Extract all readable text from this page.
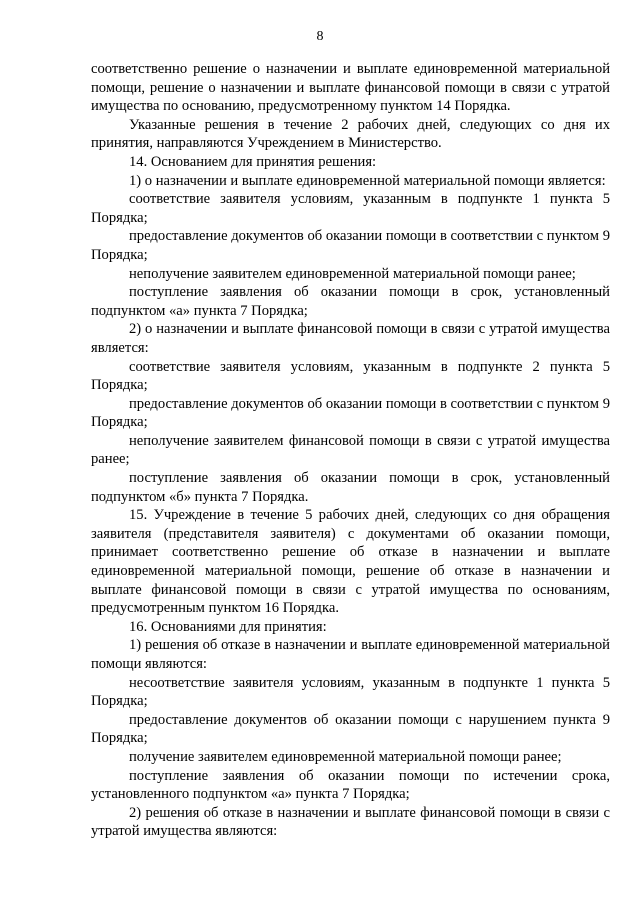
8

соответственно решение о назначении и выплате единовременной материальной помощи, решение о назначении и выплате финансовой помощи в связи с утратой имущества по основанию, предусмотренному пунктом 14 Порядка.

Указанные решения в течение 2 рабочих дней, следующих со дня их принятия, направляются Учреждением в Министерство.

14. Основанием для принятия решения:

1) о назначении и выплате единовременной материальной помощи является:

соответствие заявителя условиям, указанным в подпункте 1 пункта 5 Порядка;

предоставление документов об оказании помощи в соответствии с пунктом 9 Порядка;

неполучение заявителем единовременной материальной помощи ранее;

поступление заявления об оказании помощи в срок, установленный подпунктом «а» пункта 7 Порядка;

2) о назначении и выплате финансовой помощи в связи с утратой имущества является:

соответствие заявителя условиям, указанным в подпункте 2 пункта 5 Порядка;

предоставление документов об оказании помощи в соответствии с пунктом 9 Порядка;

неполучение заявителем финансовой помощи в связи с утратой имущества ранее;

поступление заявления об оказании помощи в срок, установленный подпунктом «б» пункта 7 Порядка.

15. Учреждение в течение 5 рабочих дней, следующих со дня обращения заявителя (представителя заявителя) с документами об оказании помощи, принимает соответственно решение об отказе в назначении и выплате единовременной материальной помощи, решение об отказе в назначении и выплате финансовой помощи в связи с утратой имущества по основаниям, предусмотренным пунктом 16 Порядка.

16. Основаниями для принятия:

1) решения об отказе в назначении и выплате единовременной материальной помощи являются:

несоответствие заявителя условиям, указанным в подпункте 1 пункта 5 Порядка;

предоставление документов об оказании помощи с нарушением пункта 9 Порядка;

получение заявителем единовременной материальной помощи ранее;

поступление заявления об оказании помощи по истечении срока, установленного подпунктом «а» пункта 7 Порядка;

2) решения об отказе в назначении и выплате финансовой помощи в связи с утратой имущества являются:
